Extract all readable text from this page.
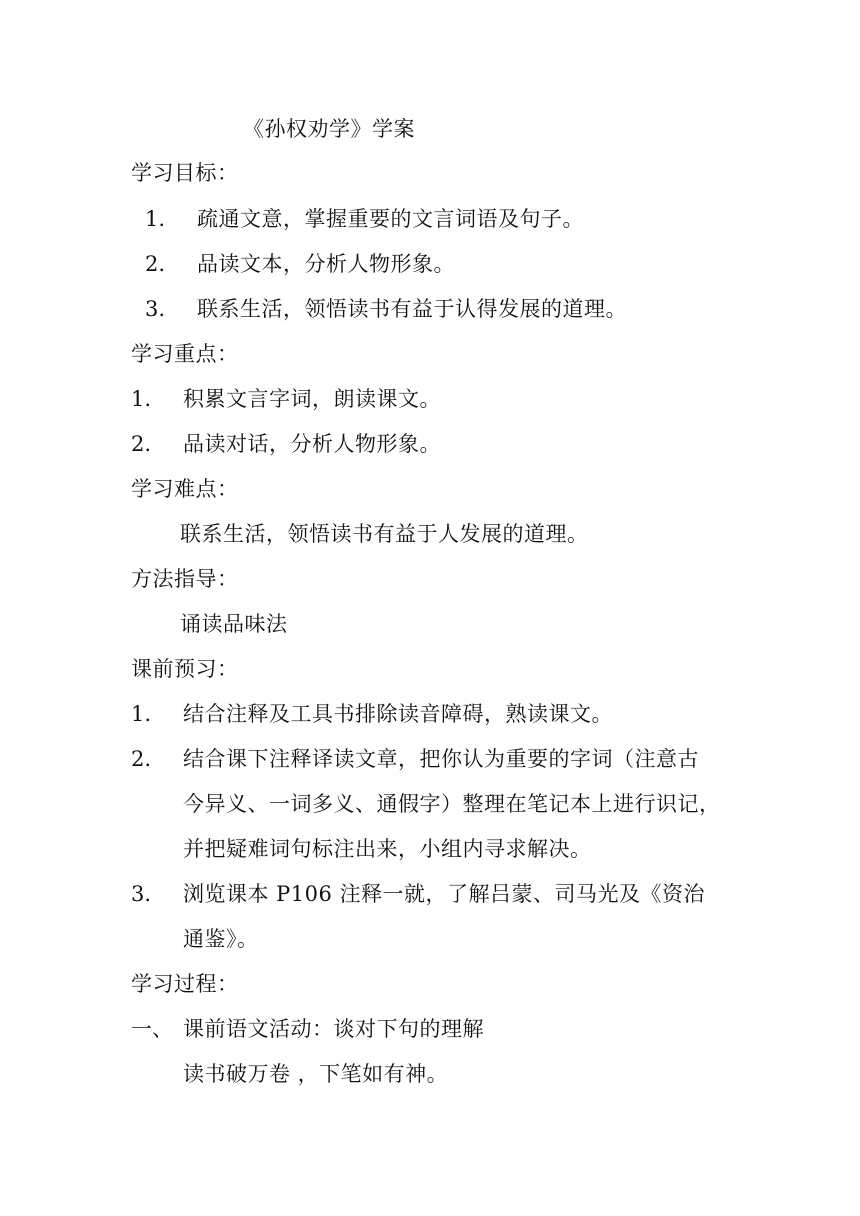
《孙权劝学》学案
学习目标：
1. 疏通文意，掌握重要的文言词语及句子。
2. 品读文本，分析人物形象。
3. 联系生活，领悟读书有益于认得发展的道理。
学习重点：
1. 积累文言字词，朗读课文。
2. 品读对话，分析人物形象。
学习难点：
联系生活，领悟读书有益于人发展的道理。
方法指导：
诵读品味法
课前预习：
1. 结合注释及工具书排除读音障碍，熟读课文。
2. 结合课下注释译读文章，把你认为重要的字词（注意古
今异义、一词多义、通假字）整理在笔记本上进行识记，
并把疑难词句标注出来，小组内寻求解决。
3. 浏览课本 P106 注释一就，了解吕蒙、司马光及《资治
通鉴》。
学习过程：
一、 课前语文活动：谈对下句的理解
读书破万卷 ，下笔如有神。
